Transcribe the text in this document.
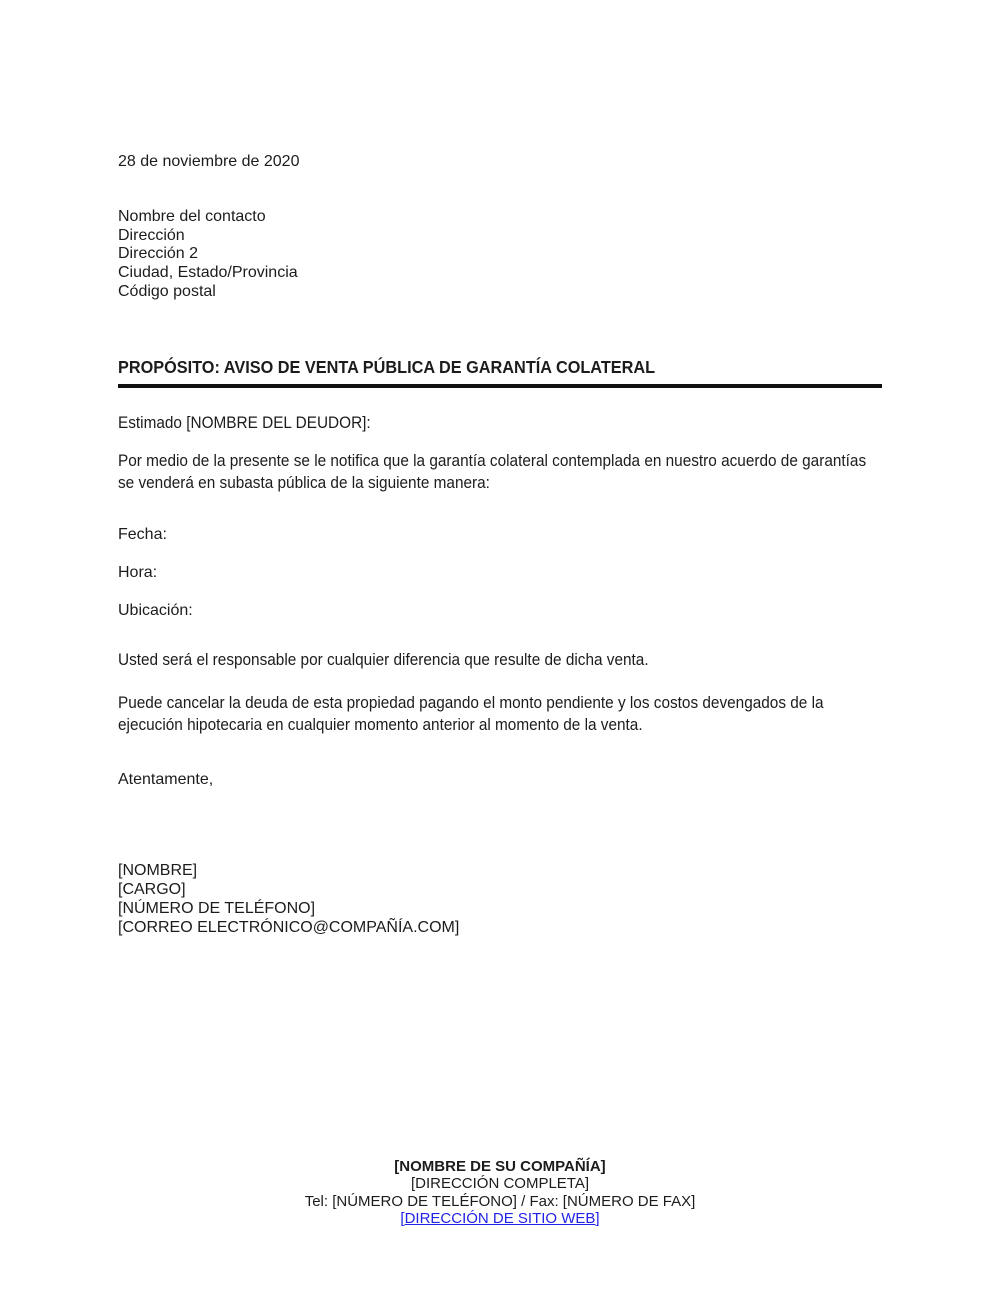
28 de noviembre de 2020
Nombre del contacto
Dirección
Dirección 2
Ciudad, Estado/Provincia
Código postal
PROPÓSITO: AVISO DE VENTA PÚBLICA DE GARANTÍA COLATERAL
Estimado [NOMBRE DEL DEUDOR]:
Por medio de la presente se le notifica que la garantía colateral contemplada en nuestro acuerdo de garantías se venderá en subasta pública de la siguiente manera:
Fecha:
Hora:
Ubicación:
Usted será el responsable por cualquier diferencia que resulte de dicha venta.
Puede cancelar la deuda de esta propiedad pagando el monto pendiente y los costos devengados de la ejecución hipotecaria en cualquier momento anterior al momento de la venta.
Atentamente,
[NOMBRE]
[CARGO]
[NÚMERO DE TELÉFONO]
[CORREO ELECTRÓNICO@COMPAÑÍA.COM]
[NOMBRE DE SU COMPAÑÍA]
[DIRECCIÓN COMPLETA]
Tel: [NÚMERO DE TELÉFONO] / Fax: [NÚMERO DE FAX]
[DIRECCIÓN DE SITIO WEB]
